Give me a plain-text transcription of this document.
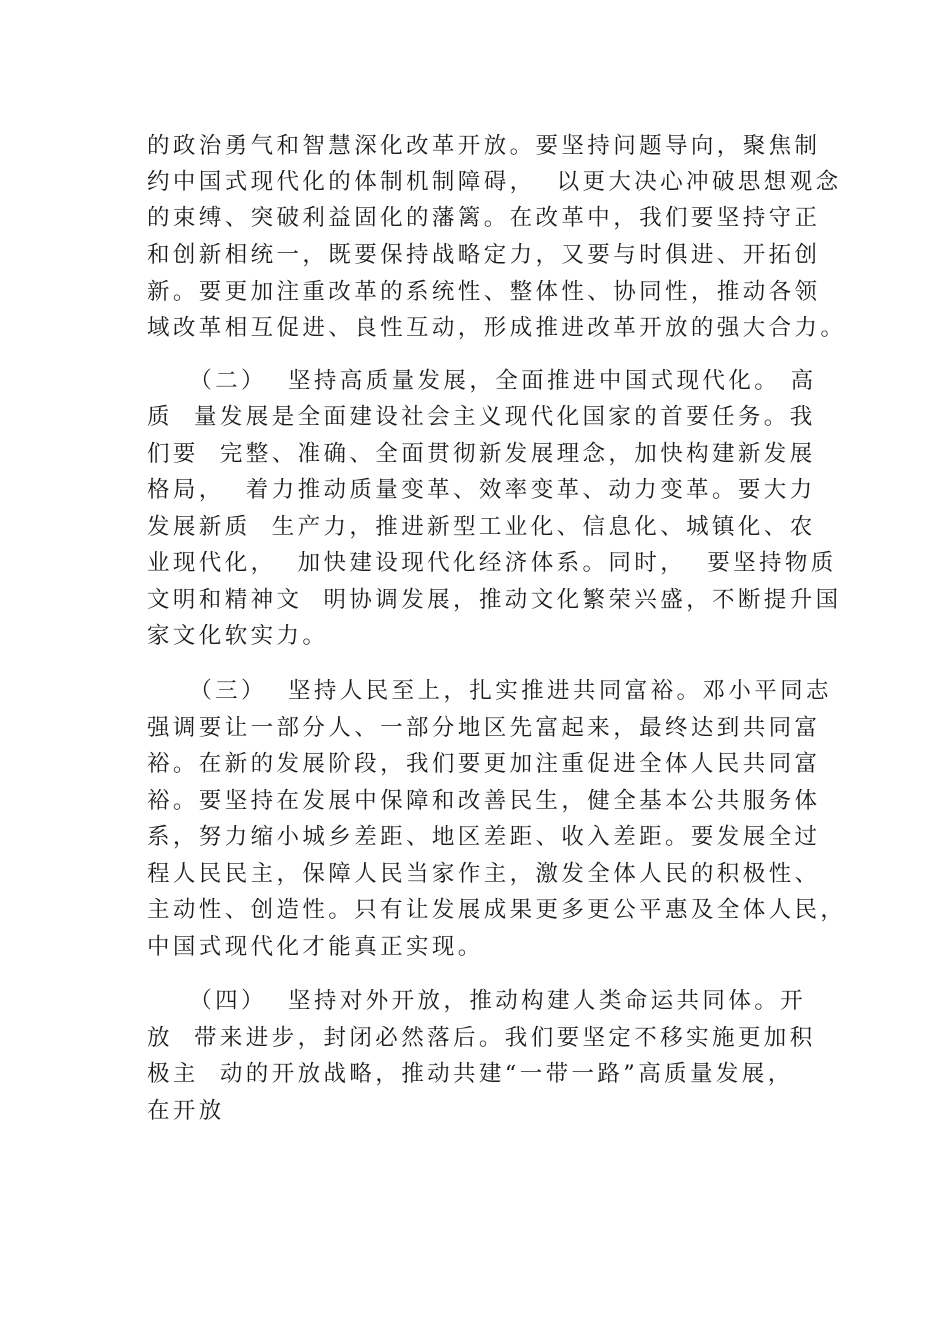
的政治勇气和智慧深化改革开放。要坚持问题导向，聚焦制

约中国式现代化的体制机制障碍，  以更大决心冲破思想观念

的束缚、突破利益固化的藩篱。在改革中，我们要坚持守正

和创新相统一，既要保持战略定力，又要与时俱进、开拓创

新。要更加注重改革的系统性、整体性、协同性，推动各领

域改革相互促进、良性互动，形成推进改革开放的强大合力。

（二）  坚持高质量发展，全面推进中国式现代化。 高

质  量发展是全面建设社会主义现代化国家的首要任务。我

们要  完整、准确、全面贯彻新发展理念，加快构建新发展

格局，  着力推动质量变革、效率变革、动力变革。要大力

发展新质  生产力，推进新型工业化、信息化、城镇化、农

业现代化，  加快建设现代化经济体系。同时，  要坚持物质

文明和精神文  明协调发展，推动文化繁荣兴盛，不断提升国

家文化软实力。

（三）  坚持人民至上，扎实推进共同富裕。邓小平同志

强调要让一部分人、一部分地区先富起来，最终达到共同富

裕。在新的发展阶段，我们要更加注重促进全体人民共同富

裕。要坚持在发展中保障和改善民生，健全基本公共服务体

系，努力缩小城乡差距、地区差距、收入差距。要发展全过

程人民民主，保障人民当家作主，激发全体人民的积极性、

主动性、创造性。只有让发展成果更多更公平惠及全体人民，

中国式现代化才能真正实现。

（四）  坚持对外开放，推动构建人类命运共同体。开

放  带来进步，封闭必然落后。我们要坚定不移实施更加积

极主  动的开放战略，推动共建“一带一路”高质量发展，

在开放
